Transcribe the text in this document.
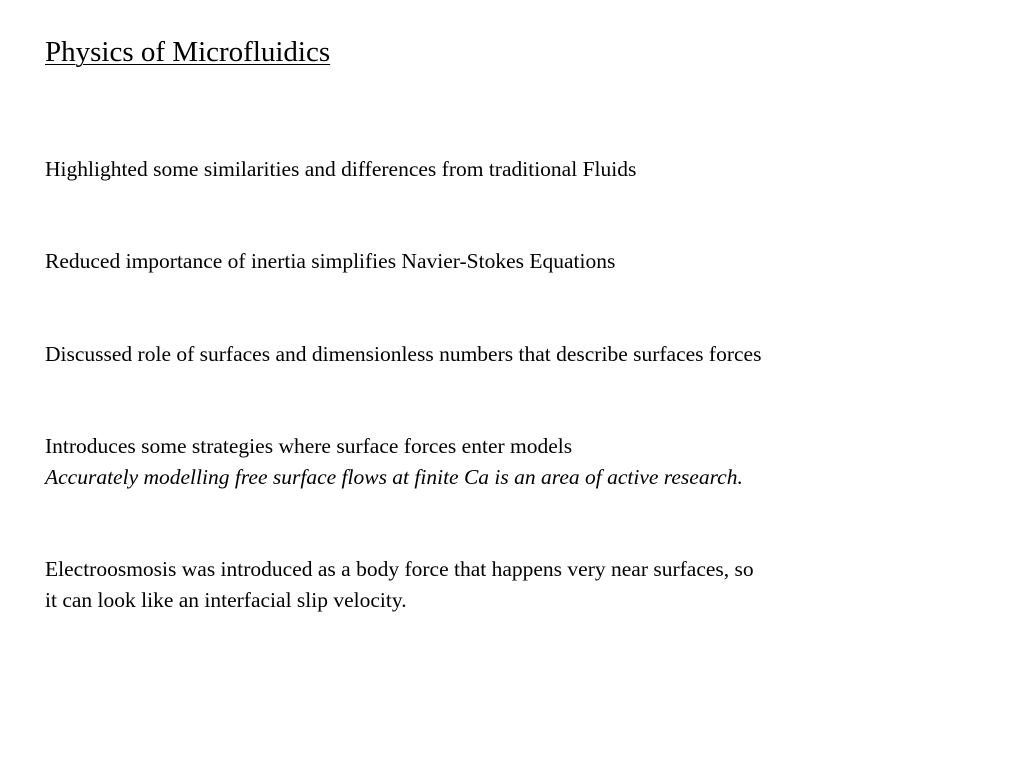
Physics of Microfluidics

Highlighted some similarities and differences from traditional Fluids

Reduced importance of inertia simplifies Navier-Stokes Equations

Discussed role of surfaces and dimensionless numbers that describe surfaces forces

Introduces some strategies where surface forces enter models
Accurately modelling free surface flows at finite Ca is an area of active research.

Electroosmosis was introduced as a body force that happens very near surfaces, so
it can look like an interfacial slip velocity.
